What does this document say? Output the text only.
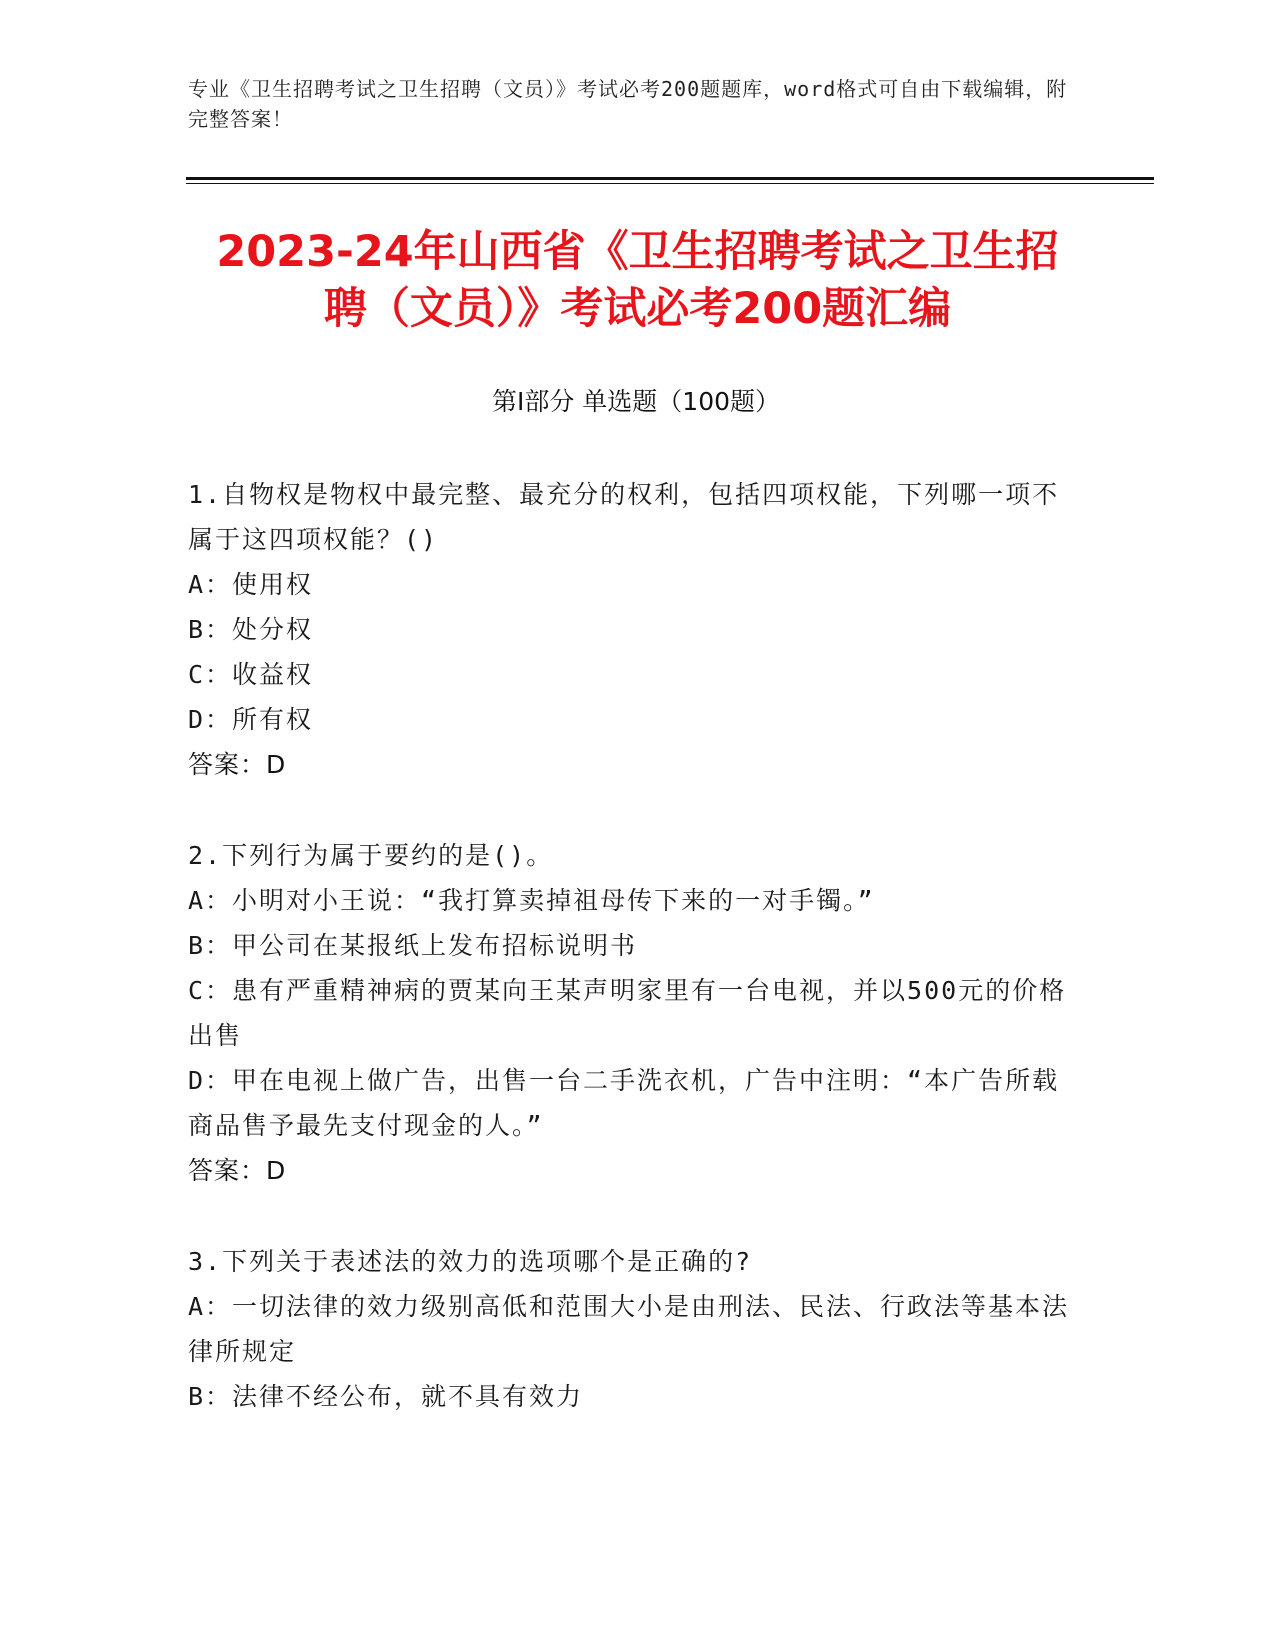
专业《卫生招聘考试之卫生招聘（文员）》考试必考200题题库，word格式可自由下载编辑，附完整答案！
2023-24年山西省《卫生招聘考试之卫生招
聘（文员）》考试必考200题汇编
第Ⅰ部分 单选题（100题）

1.自物权是物权中最完整、最充分的权利，包括四项权能，下列哪一项不属于这四项权能？()

A：使用权

B：处分权

C：收益权

D：所有权

答案：D

2.下列行为属于要约的是()。

A：小明对小王说：“我打算卖掉祖母传下来的一对手镯。”

B：甲公司在某报纸上发布招标说明书

C：患有严重精神病的贾某向王某声明家里有一台电视，并以500元的价格出售

D：甲在电视上做广告，出售一台二手洗衣机，广告中注明：“本广告所载商品售予最先支付现金的人。”

答案：D

3.下列关于表述法的效力的选项哪个是正确的?

A：一切法律的效力级别高低和范围大小是由刑法、民法、行政法等基本法律所规定

B：法律不经公布，就不具有效力
